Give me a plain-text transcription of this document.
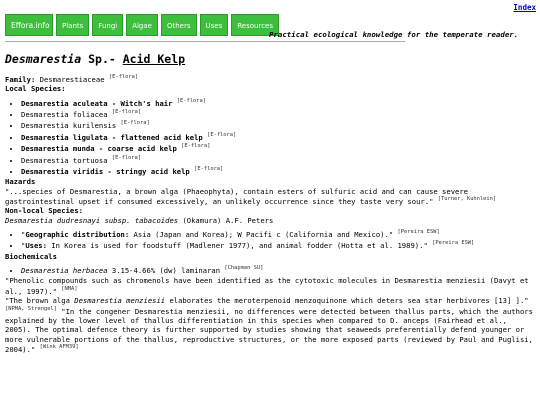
Index
Effora.info	Plants	Fungi	Algae	Others	Uses	Resources
Practical ecological knowledge for the temperate reader.
Desmarestia Sp.- Acid Kelp

Family: Desmarestiaceae [E-flora]

Local Species:

• Desmarestia aculeata - Witch's hair [E-flora]
• Desmarestia foliacea [E-flora]
• Desmarestia kurilensis [E-flora]
• Desmarestia ligulata - flattened acid kelp [E-flora]
• Desmarestia munda - coarse acid kelp [E-flora]
• Desmarestia tortuosa [E-flora]
• Desmarestia viridis - stringy acid kelp [E-flora]

Hazards

"...species of Desmarestia, a brown alga (Phaeophyta), contain esters of sulfuric acid and can cause severe gastrointestinal upset if consumed excessively, an unlikely occurrence since they taste very sour." [Turner, Kuhnlein]

Non-local Species:

Desmarestia dudresnayi subsp. tabacoides (Okamura) A.F. Peters

• "Geographic distribution: Asia (Japan and Korea); W Pacifi c (California and Mexico)." [Pereira ESW]
• "Uses: In Korea is used for foodstuff (Madlener 1977), and animal fodder (Hotta et al. 1989)." [Pereira ESW]

Biochemicals

• Desmarestia herbacea 3.15-4.66% (dw) laminaran [Chapman SU]

"Phenolic compounds such as chromenols have been identified as the cytotoxic molecules in Desmarestia menziesii (Davyt et al., 1997)." [NMA]

"The brown alga Desmarestia menziesii elaborates the meroterpenoid menzoquinone which deters sea star herbivores [13] ]." [NPMA, Strengel] "In the congener Desmarestia menziesii, no differences were detected between thallus parts, which the authors explained by the lower level of thallus differentiation in this species when compared to D. anceps (Fairhead et al., 2005). The optimal defence theory is further supported by studies showing that seaweeds preferentially defend younger or more vulnerable portions of the thallus, reproductive structures, or the more exposed parts (reviewed by Paul and Puglisi, 2004)." [Wink AFM39]
